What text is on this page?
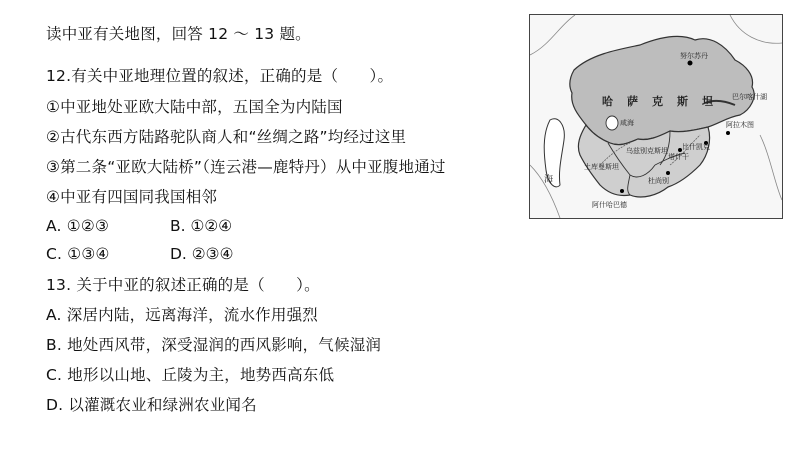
读中亚有关地图，回答 12 ～ 13 题。
12.有关中亚地理位置的叙述，正确的是（　　）。
①中亚地处亚欧大陆中部，五国全为内陆国
②古代东西方陆路驼队商人和“丝绸之路”均经过这里
③第二条“亚欧大陆桥”（连云港—鹿特丹）从中亚腹地通过
④中亚有四国同我国相邻
A. ①②③	B. ①②④
C. ①③④	D. ②③④
13. 关于中亚的叙述正确的是（　　）。
A. 深居内陆，远离海洋，流水作用强烈
B. 地处西风带，深受湿润的西风影响，气候湿润
C. 地形以山地、丘陵为主，地势西高东低
D. 以灌溉农业和绿洲农业闻名
哈萨克斯坦
努尔苏丹
海
咸海	阿拉木图
巴尔喀什湖
比什凯克
塔什干
杜尚别
阿什哈巴德
乌兹别克斯坦
土库曼斯坦
